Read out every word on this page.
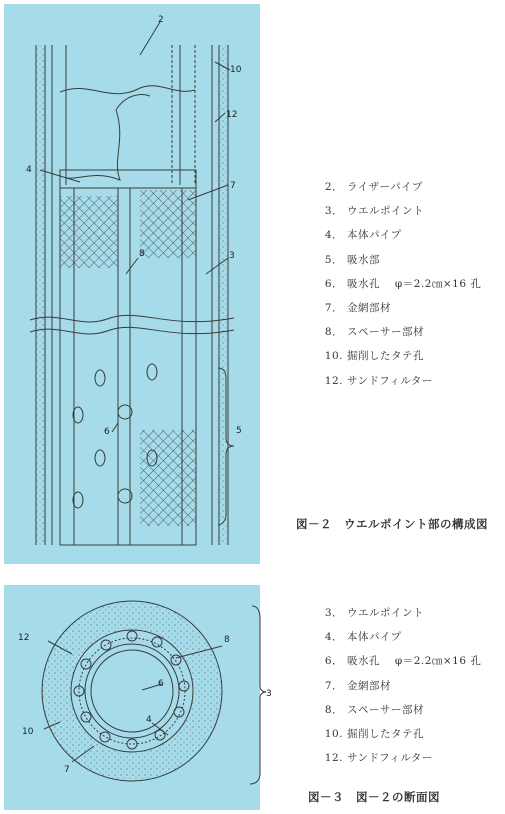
2
10
12
4
7
8	3
6	5
12	8
6
4
10
7
3
2． ライザーパイプ
3． ウエルポイント
4． 本体パイプ
5． 吸水部
6． 吸水孔　 φ＝2.2㎝×16 孔
7． 金網部材
8． スペーサー部材
10. 掘削したタテ孔
12. サンドフィルター
図－２ ウエルポイント部の構成図
3． ウエルポイント
4． 本体パイプ
6． 吸水孔　 φ＝2.2㎝×16 孔
7． 金網部材
8． スペーサー部材
10. 掘削したタテ孔
12. サンドフィルター
図－３ 図－２の断面図
